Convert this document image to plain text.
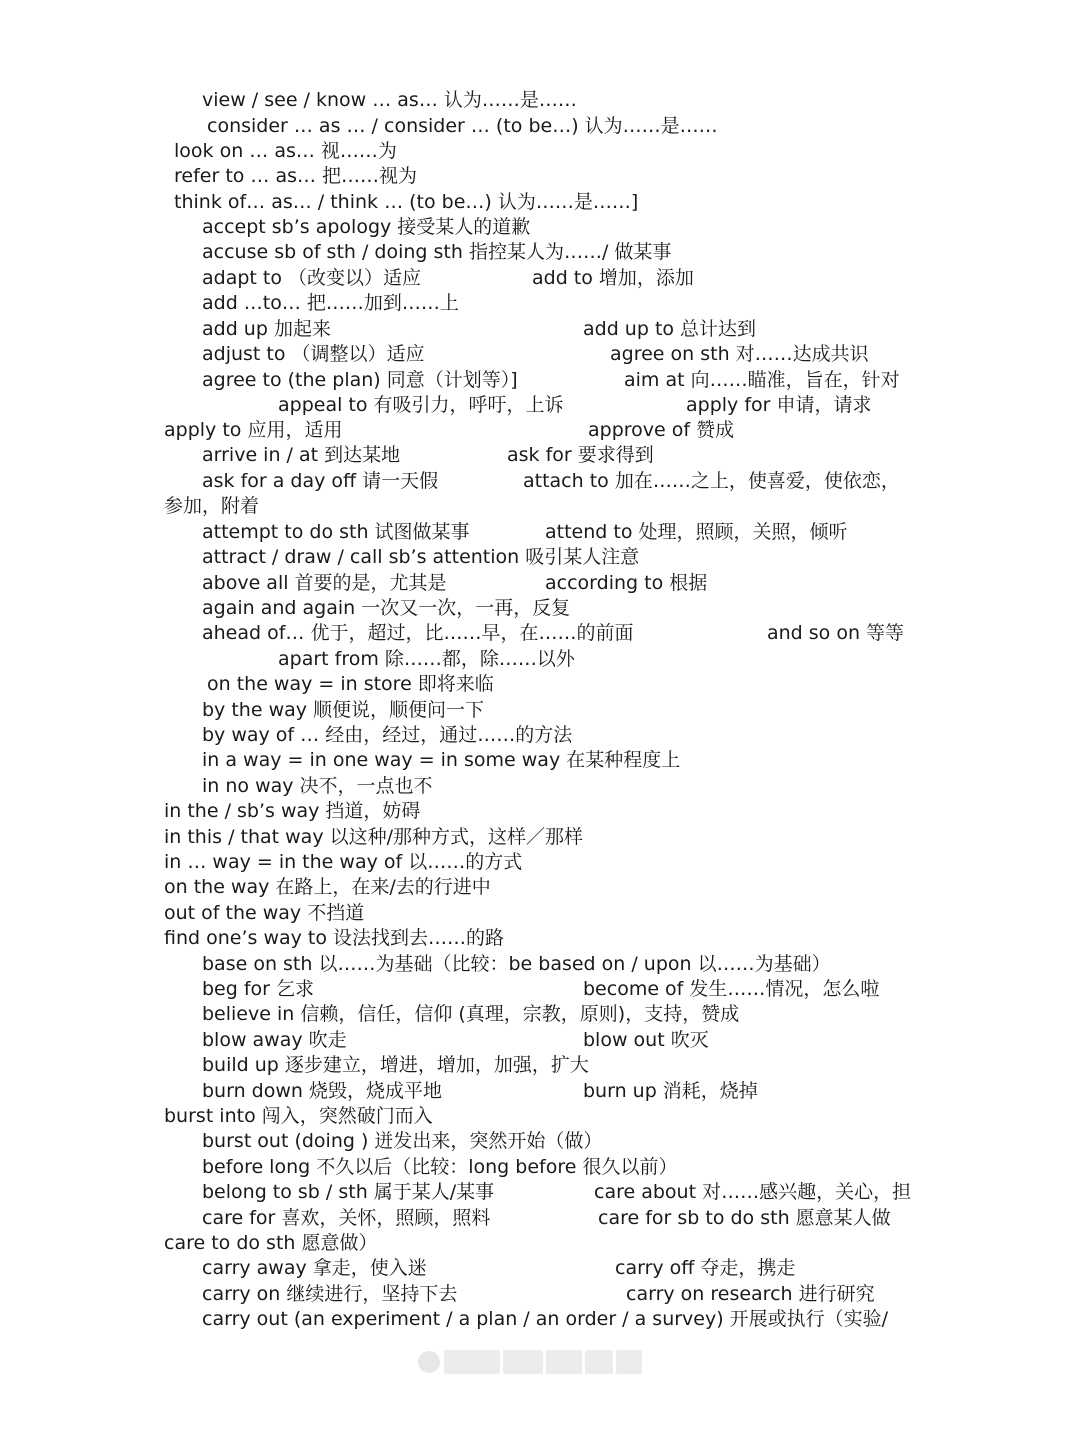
view / see / know … as… 认为……是……
consider … as … / consider … (to be…) 认为……是……
look on … as… 视……为
refer to … as… 把……视为
think of… as… / think … (to be…) 认为……是……]
accept sb’s apology 接受某人的道歉
accuse sb of sth / doing sth 指控某人为……/ 做某事
adapt to （改变以）适应	add to 增加，添加
add …to… 把……加到……上
add up 加起来	add up to 总计达到
adjust to （调整以）适应	agree on sth 对……达成共识
agree to (the plan) 同意（计划等）]	aim at 向……瞄准，旨在，针对
appeal to 有吸引力，呼吁，上诉	apply for 申请，请求
apply to 应用，适用	approve of 赞成
arrive in / at 到达某地	ask for 要求得到
ask for a day off 请一天假	attach to 加在……之上，使喜爱，使依恋，
参加，附着
attempt to do sth 试图做某事	attend to 处理，照顾，关照，倾听
attract / draw / call sb’s attention 吸引某人注意
above all 首要的是，尤其是	according to 根据
again and again 一次又一次，一再，反复
ahead of… 优于，超过，比……早，在……的前面	and so on 等等
apart from 除……都，除……以外
on the way = in store 即将来临
by the way 顺便说，顺便问一下
by way of … 经由，经过，通过……的方法
in a way = in one way = in some way 在某种程度上
in no way 决不，一点也不
in the / sb’s way 挡道，妨碍
in this / that way 以这种/那种方式，这样／那样
in … way = in the way of 以……的方式
on the way 在路上，在来/去的行进中
out of the way 不挡道
find one’s way to 设法找到去……的路
base on sth 以……为基础（比较：be based on / upon 以……为基础）
beg for 乞求	become of 发生……情况，怎么啦
believe in 信赖，信任，信仰 (真理，宗教，原则)，支持，赞成
blow away 吹走	blow out 吹灭
build up 逐步建立，增进，增加，加强，扩大
burn down 烧毁，烧成平地	burn up 消耗，烧掉
burst into 闯入，突然破门而入
burst out (doing ) 迸发出来，突然开始（做）
before long 不久以后（比较：long before 很久以前）
belong to sb / sth 属于某人/某事	care about 对……感兴趣，关心，担
care for 喜欢，关怀，照顾，照料	care for sb to do sth 愿意某人做
care to do sth 愿意做）
carry away 拿走，使入迷	carry off 夺走，携走
carry on 继续进行，坚持下去	carry on research 进行研究
carry out (an experiment / a plan / an order / a survey) 开展或执行（实验/
